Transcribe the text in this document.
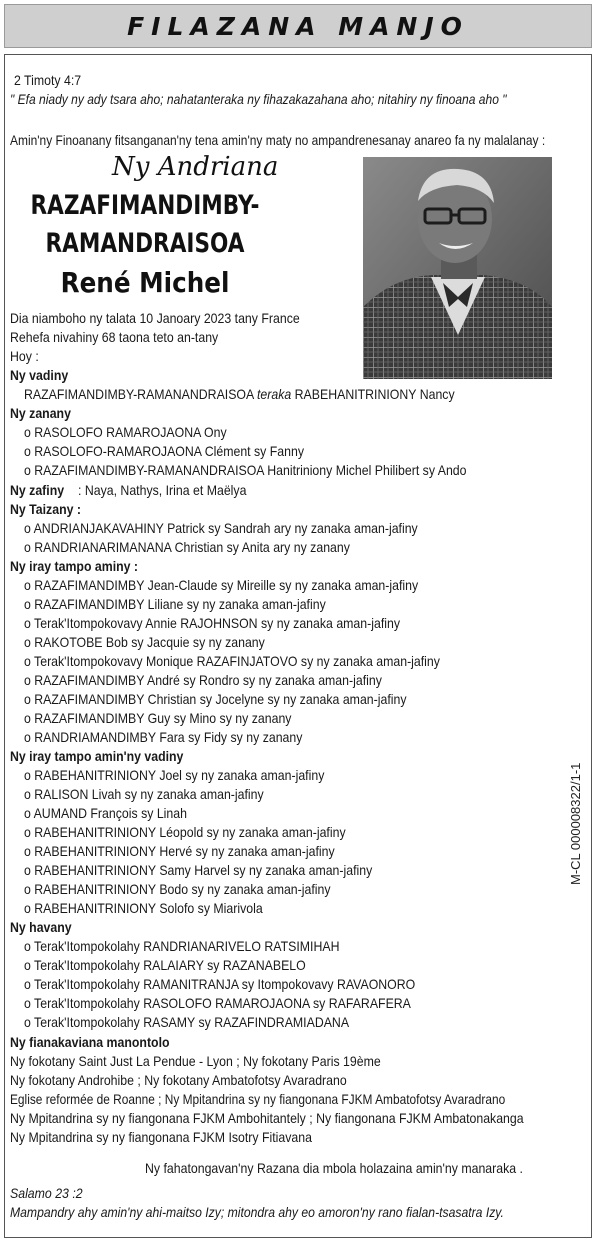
FILAZANA MANJO
2 Timoty 4:7
" Efa niady ny ady tsara aho; nahatanteraka ny fihazakazahana aho; nitahiry ny finoana aho "
Amin'ny Finoanany fitsanganan'ny tena amin'ny maty no ampandrenesanay anareo fa ny malalanay :
Ny Andriana
RAZAFIMANDIMBY-
RAMANDRAISOA
René Michel
Dia niamboho ny talata 10 Janoary 2023 tany France
Rehefa nivahiny 68 taona teto an-tany
Hoy :
Ny vadiny
RAZAFIMANDIMBY-RAMANANDRAISOA teraka RABEHANITRINIONY Nancy
Ny zanany
o RASOLOFO RAMAROJAONA Ony
o RASOLOFO-RAMAROJAONA Clément sy Fanny
o RAZAFIMANDIMBY-RAMANANDRAISOA Hanitriniony Michel Philibert sy Ando
Ny zafiny : Naya, Nathys, Irina et Maëlya
Ny Taizany :
o ANDRIANJAKAVAHINY Patrick sy Sandrah ary ny zanaka aman-jafiny
o RANDRIANARIMANANA Christian sy Anita ary ny zanany
Ny iray tampo aminy :
o RAZAFIMANDIMBY Jean-Claude sy Mireille sy ny zanaka aman-jafiny
o RAZAFIMANDIMBY Liliane sy ny zanaka aman-jafiny
o Terak'Itompokovavy Annie RAJOHNSON sy ny zanaka aman-jafiny
o RAKOTOBE Bob sy Jacquie sy ny zanany
o Terak'Itompokovavy Monique RAZAFINJATOVO sy ny zanaka aman-jafiny
o RAZAFIMANDIMBY André sy Rondro sy ny zanaka aman-jafiny
o RAZAFIMANDIMBY Christian sy Jocelyne sy ny zanaka aman-jafiny
o RAZAFIMANDIMBY Guy sy Mino sy ny zanany
o RANDRIAMANDIMBY Fara sy Fidy sy ny zanany
Ny iray tampo amin'ny vadiny
o RABEHANITRINIONY Joel sy ny zanaka aman-jafiny
o RALISON Livah sy ny zanaka aman-jafiny
o AUMAND François sy Linah
o RABEHANITRINIONY Léopold sy ny zanaka aman-jafiny
o RABEHANITRINIONY Hervé sy ny zanaka aman-jafiny
o RABEHANITRINIONY Samy Harvel sy ny zanaka aman-jafiny
o RABEHANITRINIONY Bodo sy ny zanaka aman-jafiny
o RABEHANITRINIONY Solofo sy Miarivola
Ny havany
o Terak'Itompokolahy RANDRIANARIVELO RATSIMIHAH
o Terak'Itompokolahy RALAIARY sy RAZANABELO
o Terak'Itompokolahy RAMANITRANJA sy Itompokovavy RAVAONORO
o Terak'Itompokolahy RASOLOFO RAMAROJAONA sy RAFARAFERA
o Terak'Itompokolahy RASAMY sy RAZAFINDRAMIADANA
Ny fianakaviana manontolo
Ny fokotany Saint Just La Pendue - Lyon ; Ny fokotany Paris 19ème
Ny fokotany Androhibe ; Ny fokotany Ambatofotsy Avaradrano
Eglise reformée de Roanne ; Ny Mpitandrina sy ny fiangonana FJKM Ambatofotsy Avaradrano
Ny Mpitandrina sy ny fiangonana FJKM Ambohitantely ; Ny fiangonana FJKM Ambatonakanga
Ny Mpitandrina sy ny fiangonana FJKM Isotry Fitiavana
Ny fahatongavan'ny Razana dia mbola holazaina amin'ny manaraka .
Salamo 23 :2
Mampandry ahy amin'ny ahi-maitso Izy; mitondra ahy eo amoron'ny rano fialan-tsasatra Izy.
M-CL 000008322/1-1
